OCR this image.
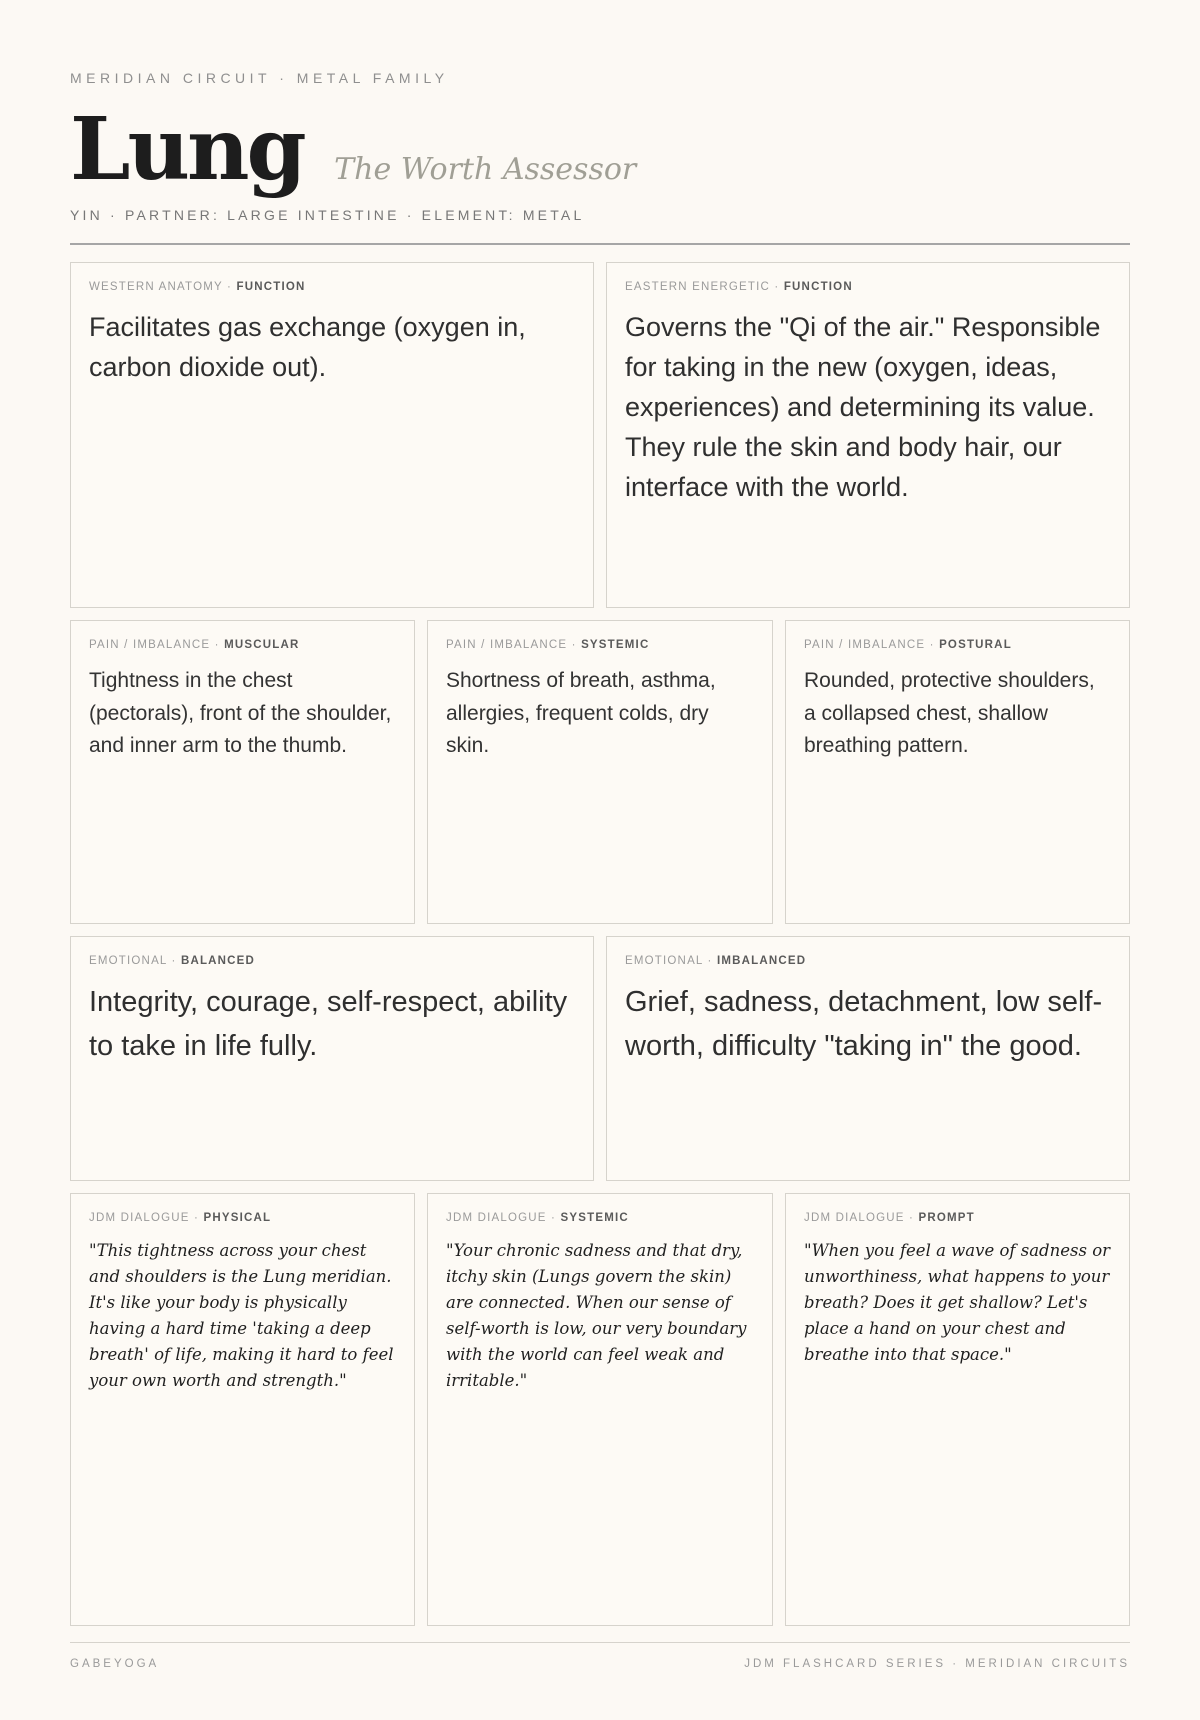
MERIDIAN CIRCUIT · METAL FAMILY
Lung The Worth Assessor
YIN · PARTNER: LARGE INTESTINE · ELEMENT: METAL
WESTERN ANATOMY · FUNCTION
Facilitates gas exchange (oxygen in, carbon dioxide out).
EASTERN ENERGETIC · FUNCTION
Governs the "Qi of the air." Responsible for taking in the new (oxygen, ideas, experiences) and determining its value. They rule the skin and body hair, our interface with the world.
PAIN / IMBALANCE · MUSCULAR
Tightness in the chest (pectorals), front of the shoulder, and inner arm to the thumb.
PAIN / IMBALANCE · SYSTEMIC
Shortness of breath, asthma, allergies, frequent colds, dry skin.
PAIN / IMBALANCE · POSTURAL
Rounded, protective shoulders, a collapsed chest, shallow breathing pattern.
EMOTIONAL · BALANCED
Integrity, courage, self-respect, ability to take in life fully.
EMOTIONAL · IMBALANCED
Grief, sadness, detachment, low self-worth, difficulty "taking in" the good.
JDM DIALOGUE · PHYSICAL
"This tightness across your chest and shoulders is the Lung meridian. It's like your body is physically having a hard time 'taking a deep breath' of life, making it hard to feel your own worth and strength."
JDM DIALOGUE · SYSTEMIC
"Your chronic sadness and that dry, itchy skin (Lungs govern the skin) are connected. When our sense of self-worth is low, our very boundary with the world can feel weak and irritable."
JDM DIALOGUE · PROMPT
"When you feel a wave of sadness or unworthiness, what happens to your breath? Does it get shallow? Let's place a hand on your chest and breathe into that space."
GABEYOGA	JDM FLASHCARD SERIES · MERIDIAN CIRCUITS
